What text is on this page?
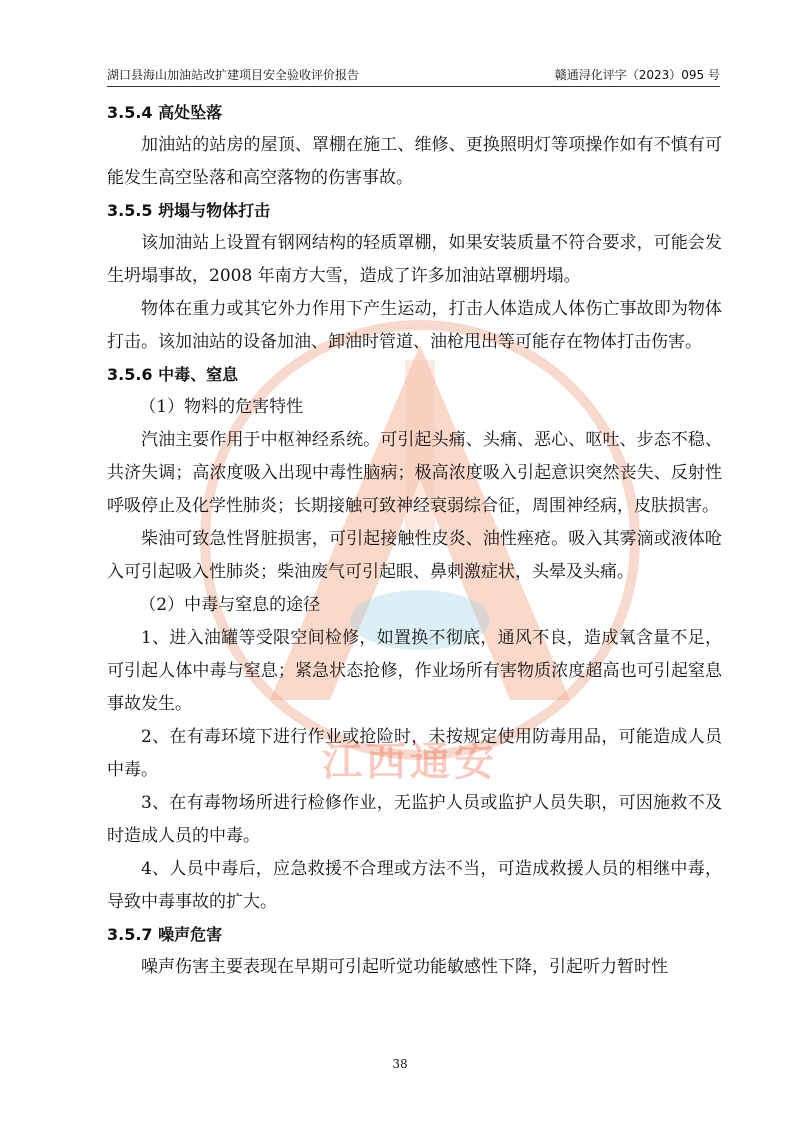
江西通安
湖口县海山加油站改扩建项目安全验收评价报告	赣通浔化评字（2023）095 号
3.5.4 高处坠落

加油站的站房的屋顶、罩棚在施工、维修、更换照明灯等项操作如有不慎有可能发生高空坠落和高空落物的伤害事故。

3.5.5 坍塌与物体打击

该加油站上设置有钢网结构的轻质罩棚，如果安装质量不符合要求，可能会发生坍塌事故，2008 年南方大雪，造成了许多加油站罩棚坍塌。

物体在重力或其它外力作用下产生运动，打击人体造成人体伤亡事故即为物体打击。该加油站的设备加油、卸油时管道、油枪甩出等可能存在物体打击伤害。

3.5.6 中毒、窒息

（1）物料的危害特性

汽油主要作用于中枢神经系统。可引起头痛、头痛、恶心、呕吐、步态不稳、共济失调；高浓度吸入出现中毒性脑病；极高浓度吸入引起意识突然丧失、反射性呼吸停止及化学性肺炎；长期接触可致神经衰弱综合征，周围神经病，皮肤损害。

柴油可致急性肾脏损害，可引起接触性皮炎、油性痤疮。吸入其雾滴或液体呛入可引起吸入性肺炎；柴油废气可引起眼、鼻刺激症状，头晕及头痛。

（2）中毒与窒息的途径

1、进入油罐等受限空间检修，如置换不彻底，通风不良，造成氧含量不足，可引起人体中毒与窒息；紧急状态抢修，作业场所有害物质浓度超高也可引起窒息事故发生。

2、在有毒环境下进行作业或抢险时，未按规定使用防毒用品，可能造成人员中毒。

3、在有毒物场所进行检修作业，无监护人员或监护人员失职，可因施救不及时造成人员的中毒。

4、人员中毒后，应急救援不合理或方法不当，可造成救援人员的相继中毒，导致中毒事故的扩大。

3.5.7 噪声危害

噪声伤害主要表现在早期可引起听觉功能敏感性下降，引起听力暂时性

38
